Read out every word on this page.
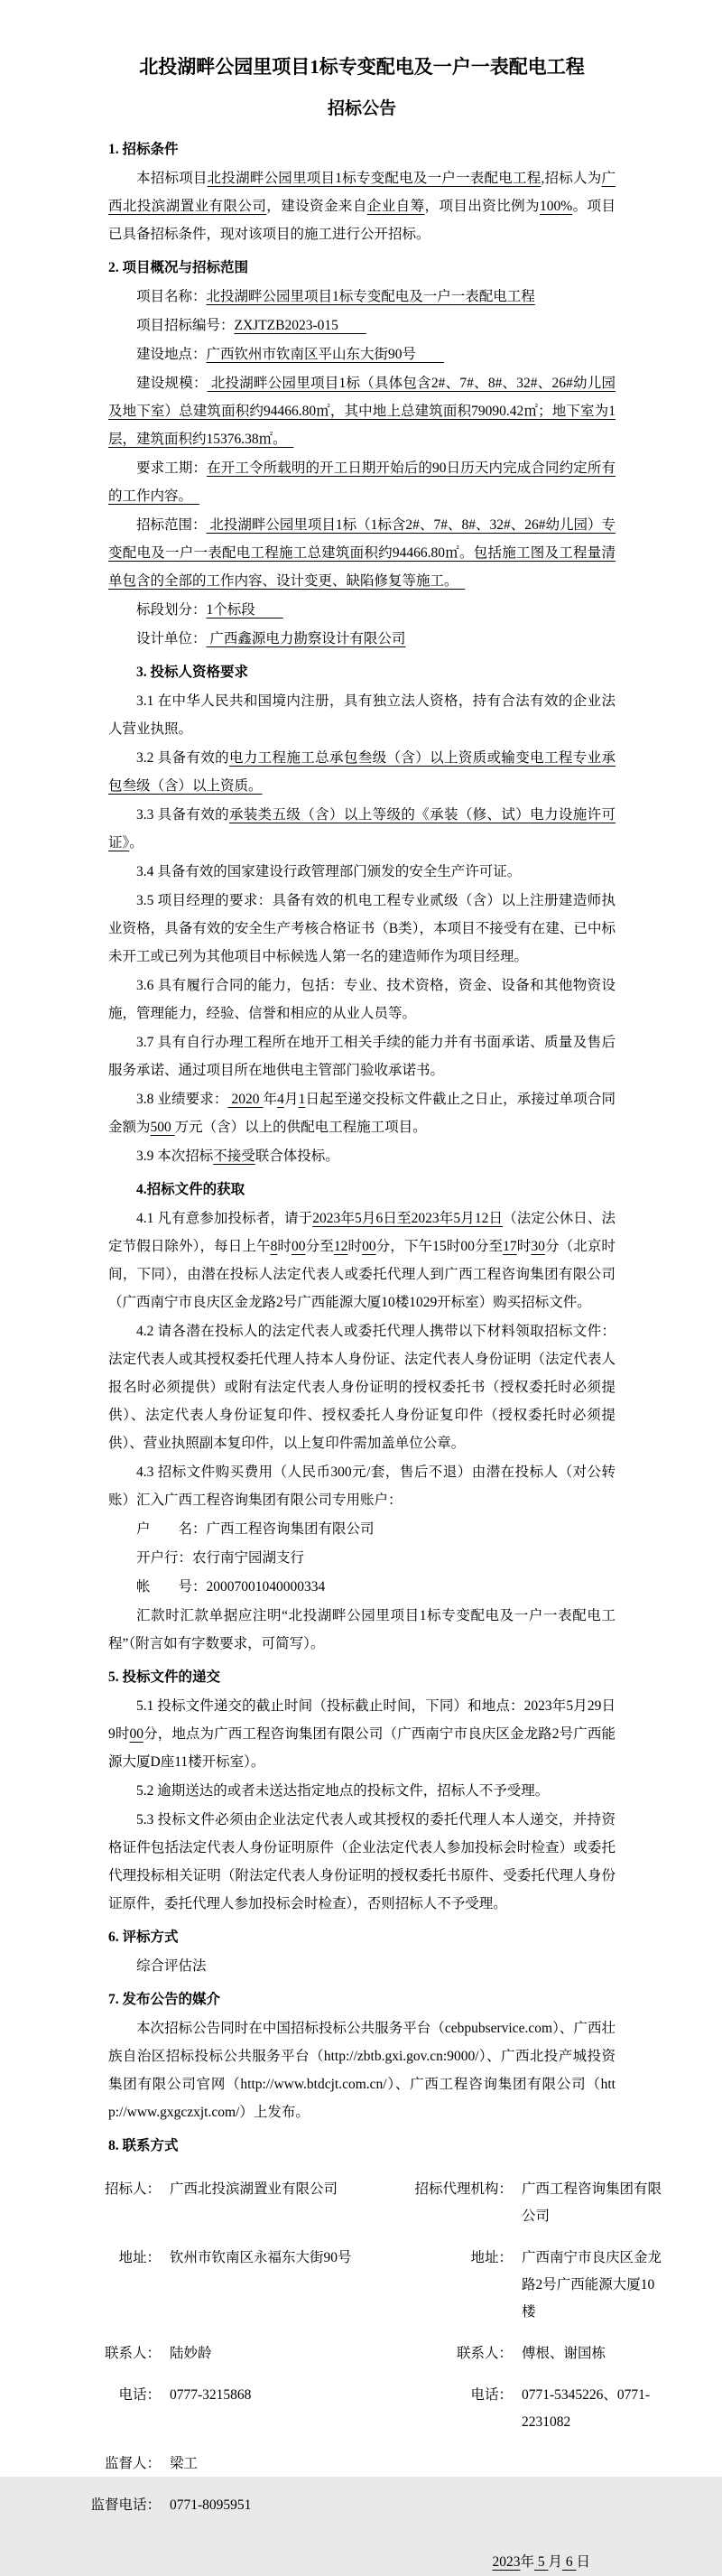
北投湖畔公园里项目1标专变配电及一户一表配电工程
招标公告

1. 招标条件

本招标项目北投湖畔公园里项目1标专变配电及一户一表配电工程,招标人为广西北投滨湖置业有限公司，建设资金来自企业自筹，项目出资比例为100%。项目已具备招标条件，现对该项目的施工进行公开招标。

2. 项目概况与招标范围

项目名称：北投湖畔公园里项目1标专变配电及一户一表配电工程

项目招标编号：ZXJTZB2023-015　　

建设地点：广西钦州市钦南区平山东大街90号　　

建设规模： 北投湖畔公园里项目1标（具体包含2#、7#、8#、32#、26#幼儿园及地下室）总建筑面积约94466.80㎡，其中地上总建筑面积79090.42㎡；地下室为1层，建筑面积约15376.38㎡。　

要求工期：在开工令所载明的开工日期开始后的90日历天内完成合同约定所有的工作内容。　

招标范围： 北投湖畔公园里项目1标（1标含2#、7#、8#、32#、26#幼儿园）专变配电及一户一表配电工程施工总建筑面积约94466.80㎡。包括施工图及工程量清单包含的全部的工作内容、设计变更、缺陷修复等施工。　

标段划分：1个标段　　

设计单位： 广西鑫源电力勘察设计有限公司

3. 投标人资格要求

3.1 在中华人民共和国境内注册，具有独立法人资格，持有合法有效的企业法人营业执照。

3.2 具备有效的电力工程施工总承包叁级（含）以上资质或输变电工程专业承包叁级（含）以上资质。

3.3 具备有效的承装类五级（含）以上等级的《承装（修、试）电力设施许可证》。

3.4 具备有效的国家建设行政管理部门颁发的安全生产许可证。

3.5 项目经理的要求：具备有效的机电工程专业贰级（含）以上注册建造师执业资格，具备有效的安全生产考核合格证书（B类），本项目不接受有在建、已中标未开工或已列为其他项目中标候选人第一名的建造师作为项目经理。

3.6 具有履行合同的能力，包括：专业、技术资格，资金、设备和其他物资设施，管理能力，经验、信誉和相应的从业人员等。

3.7 具有自行办理工程所在地开工相关手续的能力并有书面承诺、质量及售后服务承诺、通过项目所在地供电主管部门验收承诺书。

3.8 业绩要求： 2020 年4月1日起至递交投标文件截止之日止，承接过单项合同金额为500 万元（含）以上的供配电工程施工项目。

3.9 本次招标不接受联合体投标。

4.招标文件的获取

4.1 凡有意参加投标者，请于2023年5月6日至2023年5月12日（法定公休日、法定节假日除外），每日上午8时00分至12时00分，下午15时00分至17时30分（北京时间，下同），由潜在投标人法定代表人或委托代理人到广西工程咨询集团有限公司（广西南宁市良庆区金龙路2号广西能源大厦10楼1029开标室）购买招标文件。

4.2 请各潜在投标人的法定代表人或委托代理人携带以下材料领取招标文件：法定代表人或其授权委托代理人持本人身份证、法定代表人身份证明（法定代表人报名时必须提供）或附有法定代表人身份证明的授权委托书（授权委托时必须提供）、法定代表人身份证复印件、授权委托人身份证复印件（授权委托时必须提供）、营业执照副本复印件，以上复印件需加盖单位公章。

4.3 招标文件购买费用（人民币300元/套，售后不退）由潜在投标人（对公转账）汇入广西工程咨询集团有限公司专用账户：

户　　名：广西工程咨询集团有限公司

开户行：农行南宁园湖支行

帐　　号：20007001040000334

汇款时汇款单据应注明“北投湖畔公园里项目1标专变配电及一户一表配电工程”（附言如有字数要求，可简写）。

5. 投标文件的递交

5.1 投标文件递交的截止时间（投标截止时间，下同）和地点：2023年5月29日9时00分，地点为广西工程咨询集团有限公司（广西南宁市良庆区金龙路2号广西能源大厦D座11楼开标室）。

5.2 逾期送达的或者未送达指定地点的投标文件，招标人不予受理。

5.3 投标文件必须由企业法定代表人或其授权的委托代理人本人递交，并持资格证件包括法定代表人身份证明原件（企业法定代表人参加投标会时检查）或委托代理投标相关证明（附法定代表人身份证明的授权委托书原件、受委托代理人身份证原件，委托代理人参加投标会时检查），否则招标人不予受理。

6. 评标方式

综合评估法

7. 发布公告的媒介

本次招标公告同时在中国招标投标公共服务平台（cebpubservice.com）、广西壮族自治区招标投标公共服务平台（http://zbtb.gxi.gov.cn:9000/）、广西北投产城投资集团有限公司官网（http://www.btdcjt.com.cn/）、广西工程咨询集团有限公司（http://www.gxgczxjt.com/）上发布。

8. 联系方式

招标人： 广西北投滨湖置业有限公司	招标代理机构： 广西工程咨询集团有限公司
地址： 钦州市钦南区永福东大街90号	地址： 广西南宁市良庆区金龙路2号广西能源大厦10楼
联系人： 陆妙龄	联系人： 傅根、谢国栋
电话： 0777-3215868	电话： 0771-5345226、0771-2231082
监督人： 梁工
监督电话： 0771-8095951
2023年 5 月 6 日
